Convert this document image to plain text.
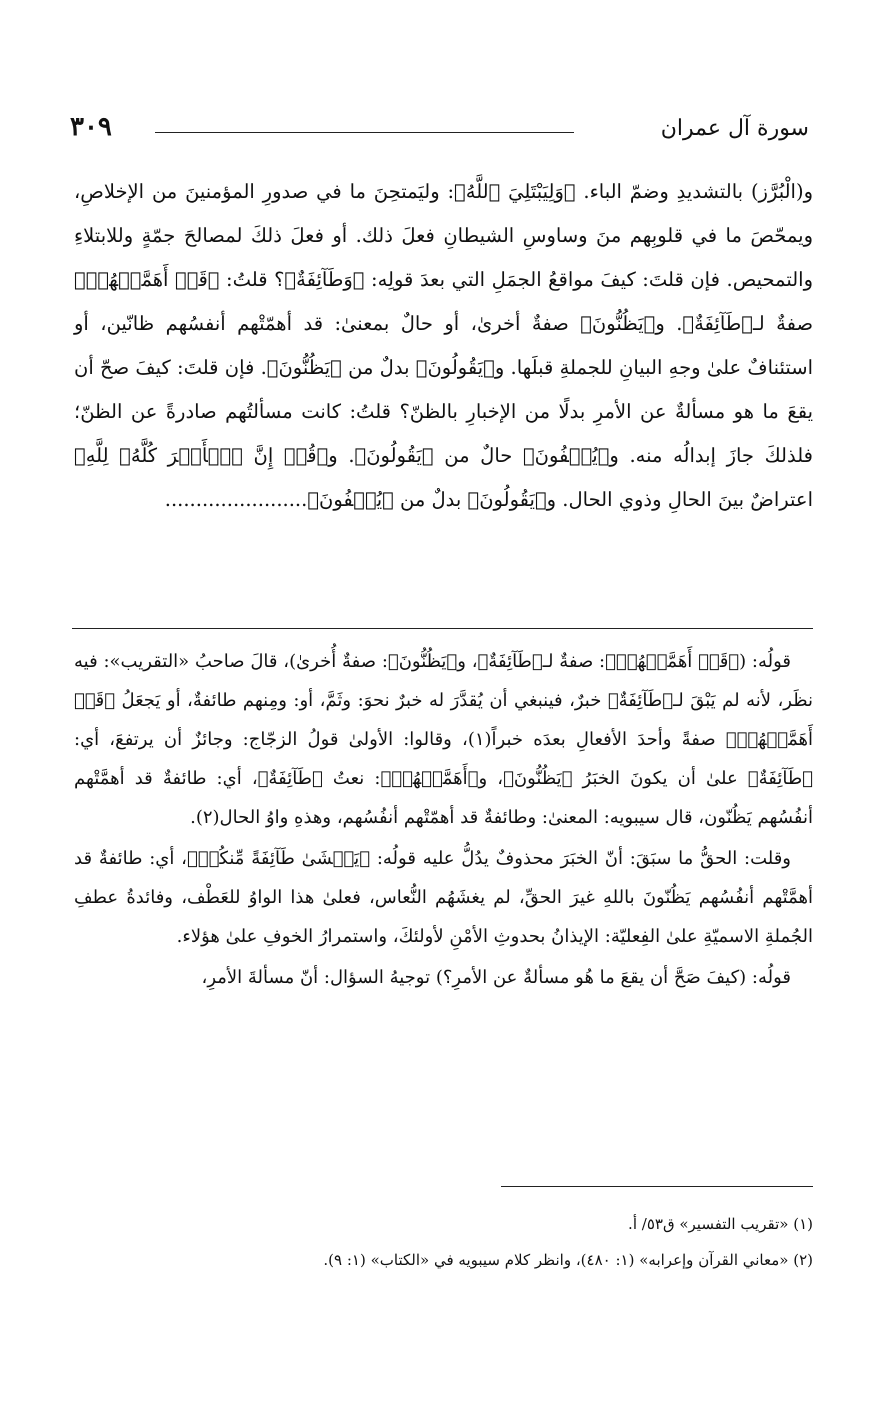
سورة آل عمران
٣٠٩

و(الْبُرَّز) بالتشديدِ وضمّ الباء. ﴿وَلِيَبْتَلِيَ ٱللَّهُ﴾: وليَمتحِنَ ما في صدورِ المؤمنينَ من الإخلاصِ، ويمحّصَ ما في قلوبِهم منَ وساوسِ الشيطانِ فعلَ ذلك. أو فعلَ ذلكَ لمصالحَ جمّةٍ وللابتلاءِ والتمحيص. فإن قلتَ: كيفَ مواقعُ الجمَلِ التي بعدَ قولِه: ﴿وَطَآئِفَةٌ﴾؟ قلتُ: ﴿قَدۡ أَهَمَّتۡهُمۡ﴾ صفةٌ لـ﴿طَآئِفَةٌ﴾. و﴿يَظُنُّونَ﴾ صفةٌ أخرىٰ، أو حالٌ بمعنىٰ: قد أهمّتْهم أنفسُهم ظانّين، أو استئنافٌ علىٰ وجهِ البيانِ للجملةِ قبلَها. و﴿يَقُولُونَ﴾ بدلٌ من ﴿يَظُنُّونَ﴾. فإن قلتَ: كيفَ صحّ أن يقعَ ما هو مسألةٌ عن الأمرِ بدلًا من الإخبارِ بالظنّ؟ قلتُ: كانت مسألتُهم صادرةً عن الظنّ؛ فلذلكَ جازَ إبدالُه منه. و﴿يُخۡفُونَ﴾ حالٌ من ﴿يَقُولُونَ﴾. و﴿قُلۡ إِنَّ ٱلۡأَمۡرَ كُلَّهُۥ لِلَّهِ﴾ اعتراضٌ بينَ الحالِ وذوي الحال. و﴿يَقُولُونَ﴾ بدلٌ من ﴿يُخۡفُونَ﴾.......................

قولُه: (﴿قَدۡ أَهَمَّتۡهُمۡ﴾: صفةٌ لـ﴿طَآئِفَةٌ﴾، و﴿يَظُنُّونَ﴾: صفةٌ أُخرىٰ)، قالَ صاحبُ «التقريب»: فيه نظَر، لأنه لم يَبْقَ لـ﴿طَآئِفَةٌ﴾ خبرٌ، فينبغي أن يُقدَّرَ له خبرٌ نحوَ: وثَمَّ، أو: ومِنهم طائفةٌ، أو يَجعَلُ ﴿قَدۡ أَهَمَّتۡهُمۡ﴾ صفةً وأحدَ الأفعالِ بعدَه خبراً(١)، وقالوا: الأولىٰ قولُ الزجّاج: وجائزٌ أن يرتفعَ، أي: ﴿طَآئِفَةٌ﴾ علىٰ أن يكونَ الخبَرُ ﴿يَظُنُّونَ﴾، و﴿أَهَمَّتۡهُمۡ﴾: نعتُ ﴿طَآئِفَةٌ﴾، أي: طائفةٌ قد أهمَّتْهم أنفُسُهم يَظُنّون، قال سيبويه: المعنىٰ: وطائفةٌ قد أهمّتْهم أنفُسُهم، وهذهِ واوُ الحال(٢).

وقلت: الحقُّ ما سبَقَ: أنّ الخبَرَ محذوفٌ يدُلُّ عليه قولُه: ﴿يَغۡشَىٰ طَآئِفَةً مِّنكُمۡ﴾، أي: طائفةٌ قد أهمَّتْهم أنفُسُهم يَظُنّونَ باللهِ غيرَ الحقِّ، لم يغشَهُم النُّعاس، فعلىٰ هذا الواوُ للعَطْف، وفائدةُ عطفِ الجُملةِ الاسميّةِ علىٰ الفِعليّة: الإيذانُ بحدوثِ الأمْنِ لأولئكَ، واستمرارُ الخوفِ علىٰ هؤلاء.

قولُه: (كيفَ صَحَّ أن يقعَ ما هُو مسألةٌ عن الأمرِ؟) توجيهُ السؤال: أنّ مسألةَ الأمرِ،

(١) «تقريب التفسير» ق٥٣/ أ.

(٢) «معاني القرآن وإعرابه» (١: ٤٨٠)، وانظر كلام سيبويه في «الكتاب» (١: ٩).
